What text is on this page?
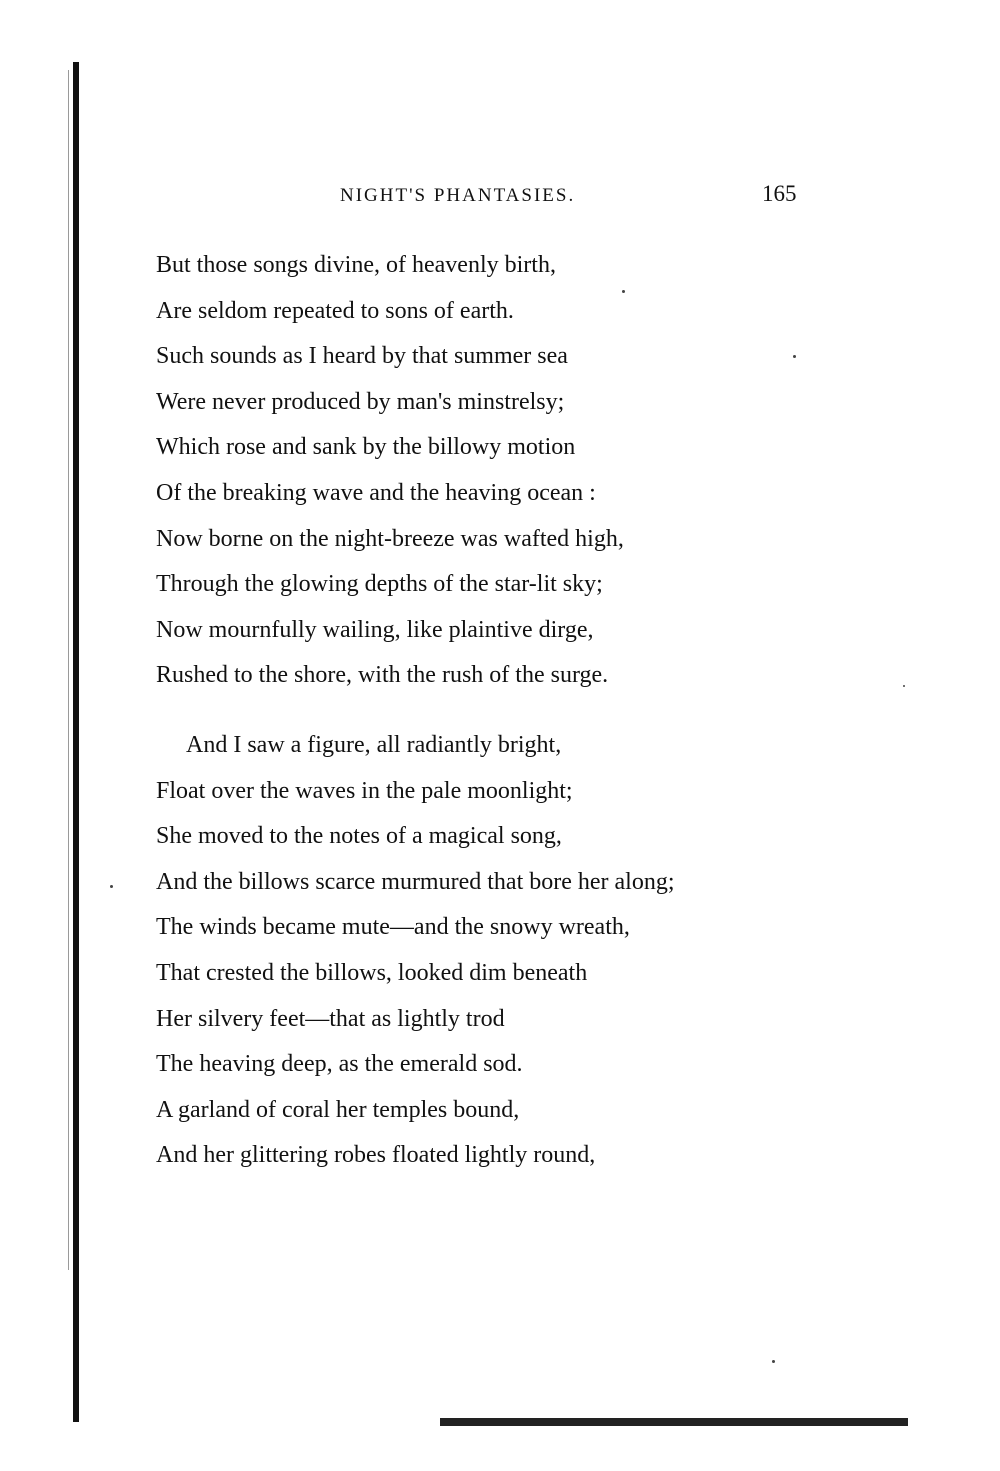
NIGHT'S PHANTASIES.	165
But those songs divine, of heavenly birth,
Are seldom repeated to sons of earth.
Such sounds as I heard by that summer sea
Were never produced by man's minstrelsy;
Which rose and sank by the billowy motion
Of the breaking wave and the heaving ocean :
Now borne on the night-breeze was wafted high,
Through the glowing depths of the star-lit sky;
Now mournfully wailing, like plaintive dirge,
Rushed to the shore, with the rush of the surge.
And I saw a figure, all radiantly bright,
Float over the waves in the pale moonlight;
She moved to the notes of a magical song,
And the billows scarce murmured that bore her along;
The winds became mute—and the snowy wreath,
That crested the billows, looked dim beneath
Her silvery feet—that as lightly trod
The heaving deep, as the emerald sod.
A garland of coral her temples bound,
And her glittering robes floated lightly round,
